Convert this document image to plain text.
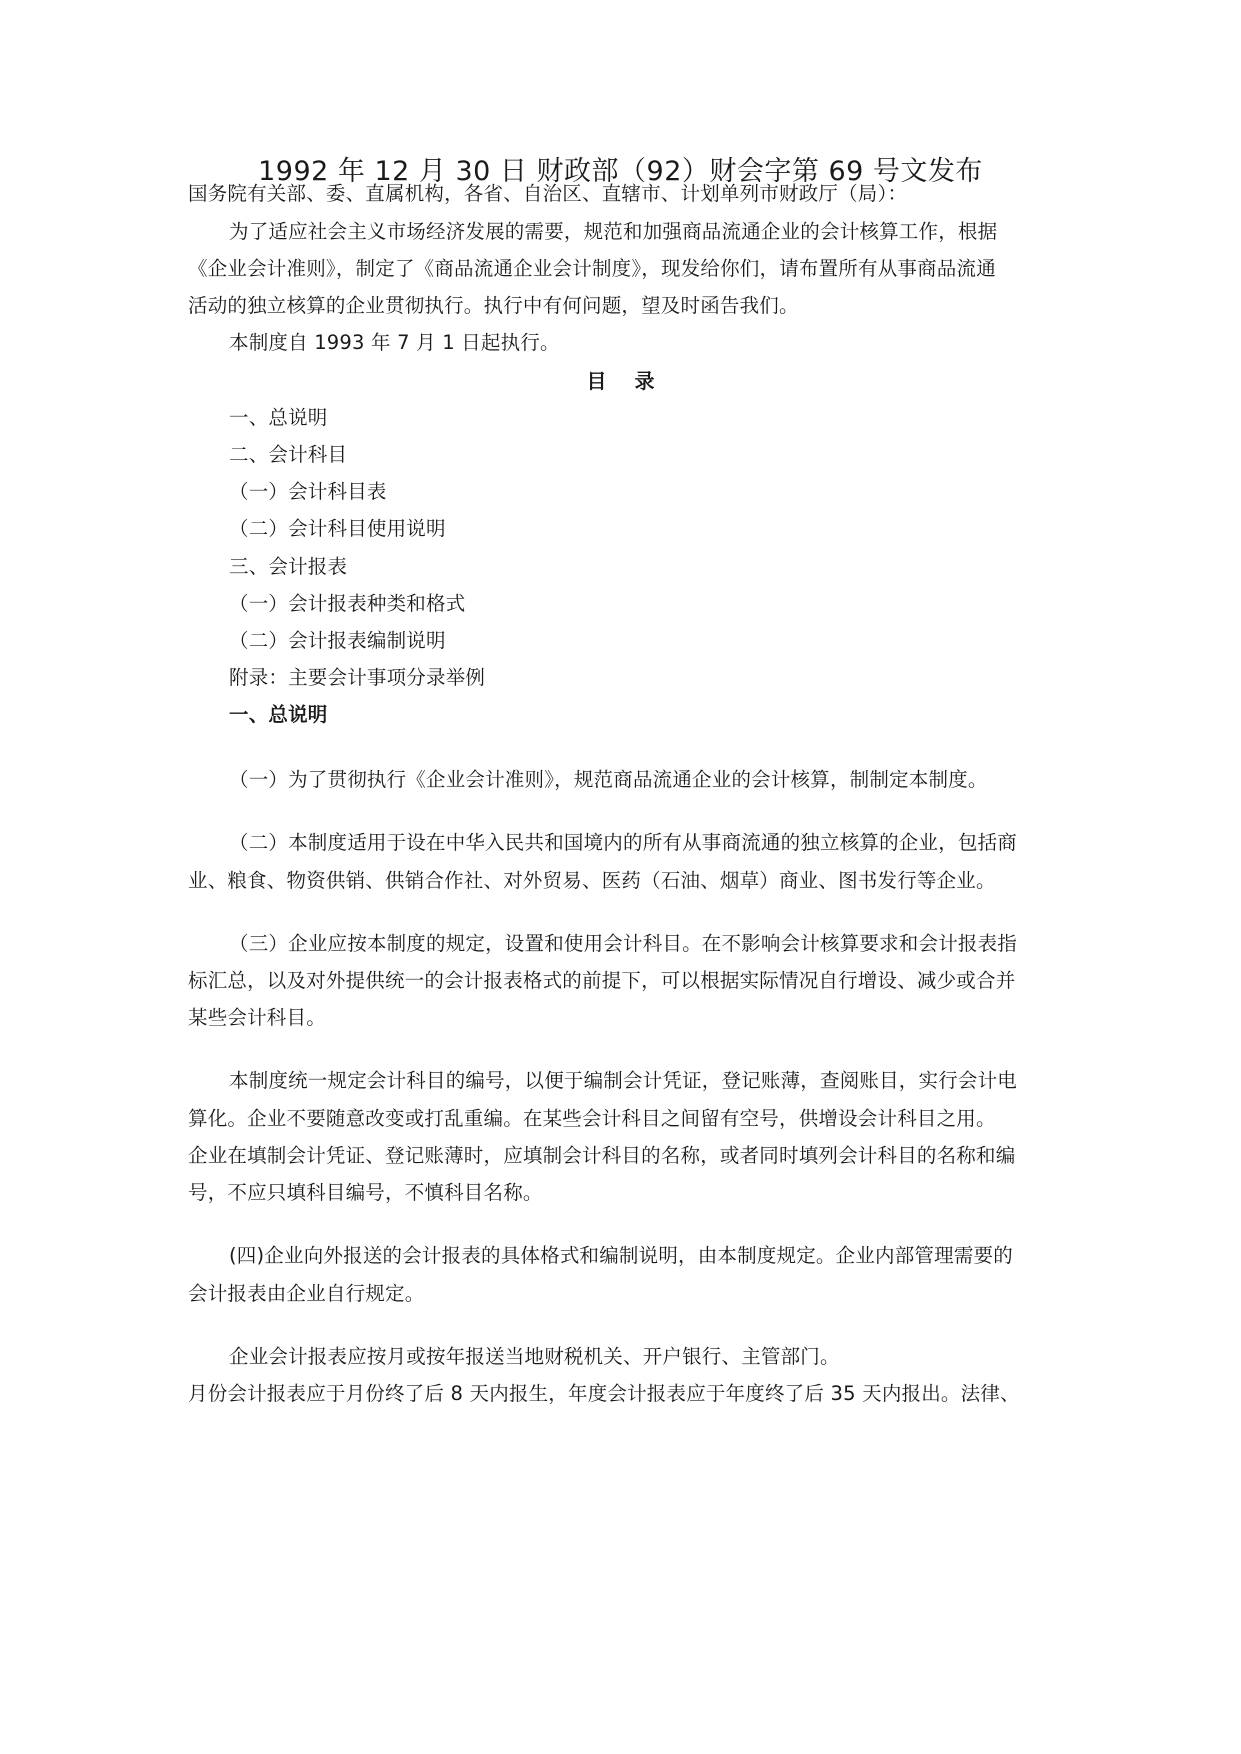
1992 年 12 月 30 日 财政部（92）财会字第 69 号文发布
国务院有关部、委、直属机构，各省、自治区、直辖市、计划单列市财政厅（局）：
为了适应社会主义市场经济发展的需要，规范和加强商品流通企业的会计核算工作，根据
《企业会计准则》，制定了《商品流通企业会计制度》，现发给你们，请布置所有从事商品流通
活动的独立核算的企业贯彻执行。执行中有何问题，望及时函告我们。
本制度自 1993 年 7 月 1 日起执行。
目录
一、总说明
二、会计科目
（一）会计科目表
（二）会计科目使用说明
三、会计报表
（一）会计报表种类和格式
（二）会计报表编制说明
附录：主要会计事项分录举例
一、总说明
（一）为了贯彻执行《企业会计准则》，规范商品流通企业的会计核算，制制定本制度。
（二）本制度适用于设在中华入民共和国境内的所有从事商流通的独立核算的企业，包括商
业、粮食、物资供销、供销合作社、对外贸易、医药（石油、烟草）商业、图书发行等企业。
（三）企业应按本制度的规定，设置和使用会计科目。在不影响会计核算要求和会计报表指
标汇总，以及对外提供统一的会计报表格式的前提下，可以根据实际情况自行增设、减少或合并
某些会计科目。
本制度统一规定会计科目的编号，以便于编制会计凭证，登记账薄，查阅账目，实行会计电
算化。企业不要随意改变或打乱重编。在某些会计科目之间留有空号，供增设会计科目之用。
企业在填制会计凭证、登记账薄时，应填制会计科目的名称，或者同时填列会计科目的名称和编
号，不应只填科目编号，不慎科目名称。
(四)企业向外报送的会计报表的具体格式和编制说明，由本制度规定。企业内部管理需要的
会计报表由企业自行规定。
企业会计报表应按月或按年报送当地财税机关、开户银行、主管部门。
月份会计报表应于月份终了后 8 天内报生，年度会计报表应于年度终了后 35 天内报出。法律、
